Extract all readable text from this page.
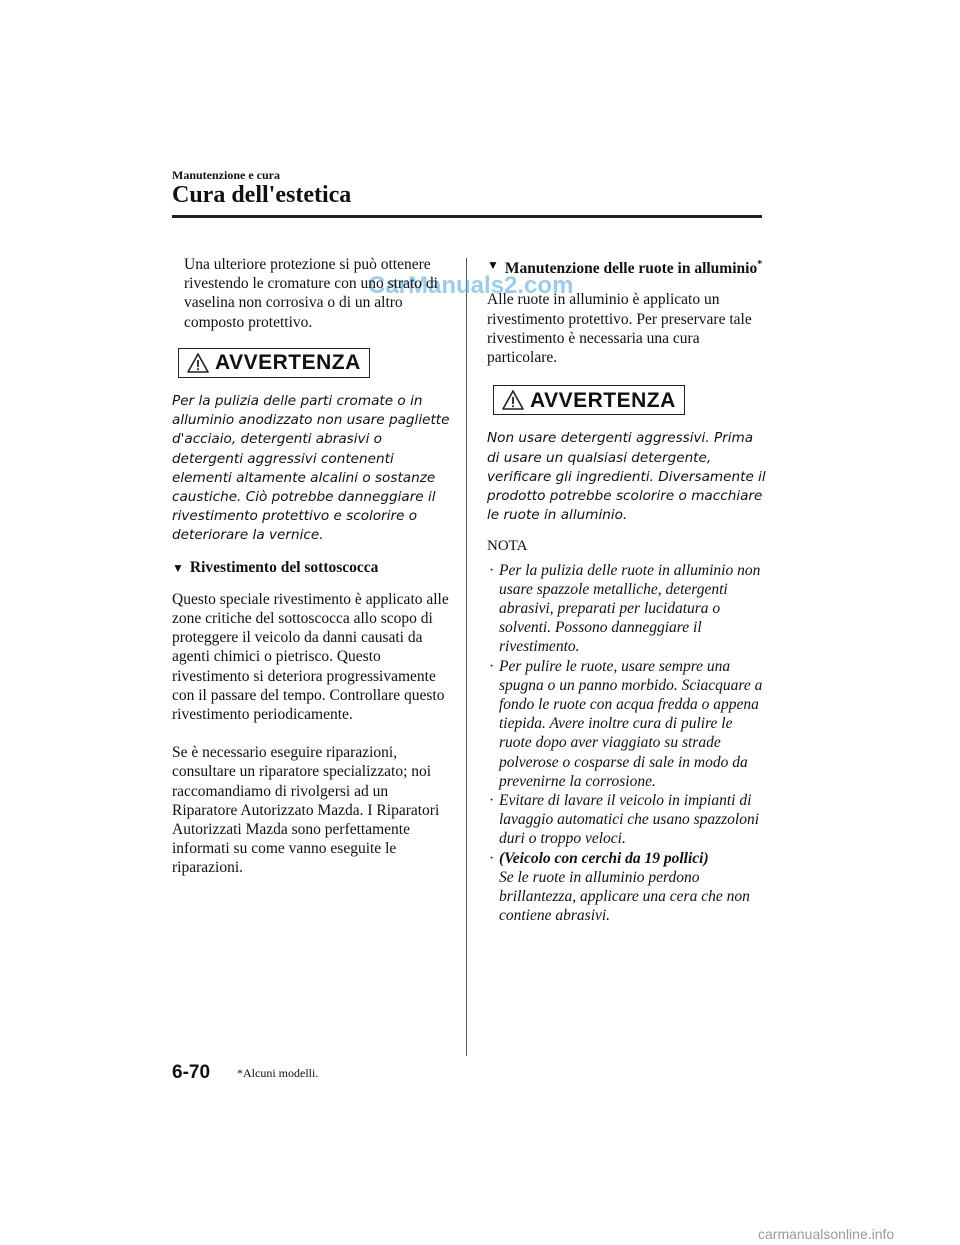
Manutenzione e cura
Cura dell'estetica
CarManuals2.com

Una ulteriore protezione si può ottenere rivestendo le cromature con uno strato di vaselina non corrosiva o di un altro composto protettivo.

AVVERTENZA

Per la pulizia delle parti cromate o in alluminio anodizzato non usare pagliette d'acciaio, detergenti abrasivi o detergenti aggressivi contenenti elementi altamente alcalini o sostanze caustiche. Ciò potrebbe danneggiare il rivestimento protettivo e scolorire o deteriorare la vernice.

▼ Rivestimento del sottoscocca

Questo speciale rivestimento è applicato alle zone critiche del sottoscocca allo scopo di proteggere il veicolo da danni causati da agenti chimici o pietrisco. Questo rivestimento si deteriora progressivamente con il passare del tempo. Controllare questo rivestimento periodicamente.

Se è necessario eseguire riparazioni, consultare un riparatore specializzato; noi raccomandiamo di rivolgersi ad un Riparatore Autorizzato Mazda. I Riparatori Autorizzati Mazda sono perfettamente informati su come vanno eseguite le riparazioni.

▼ Manutenzione delle ruote in alluminio*

Alle ruote in alluminio è applicato un rivestimento protettivo. Per preservare tale rivestimento è necessaria una cura particolare.

AVVERTENZA

Non usare detergenti aggressivi. Prima di usare un qualsiasi detergente, verificare gli ingredienti. Diversamente il prodotto potrebbe scolorire o macchiare le ruote in alluminio.

NOTA
· Per la pulizia delle ruote in alluminio non usare spazzole metalliche, detergenti abrasivi, preparati per lucidatura o solventi. Possono danneggiare il rivestimento.
· Per pulire le ruote, usare sempre una spugna o un panno morbido. Sciacquare a fondo le ruote con acqua fredda o appena tiepida. Avere inoltre cura di pulire le ruote dopo aver viaggiato su strade polverose o cosparse di sale in modo da prevenirne la corrosione.
· Evitare di lavare il veicolo in impianti di lavaggio automatici che usano spazzoloni duri o troppo veloci.
· (Veicolo con cerchi da 19 pollici)
Se le ruote in alluminio perdono brillantezza, applicare una cera che non contiene abrasivi.
6-70 *Alcuni modelli.
carmanualsonline.info
